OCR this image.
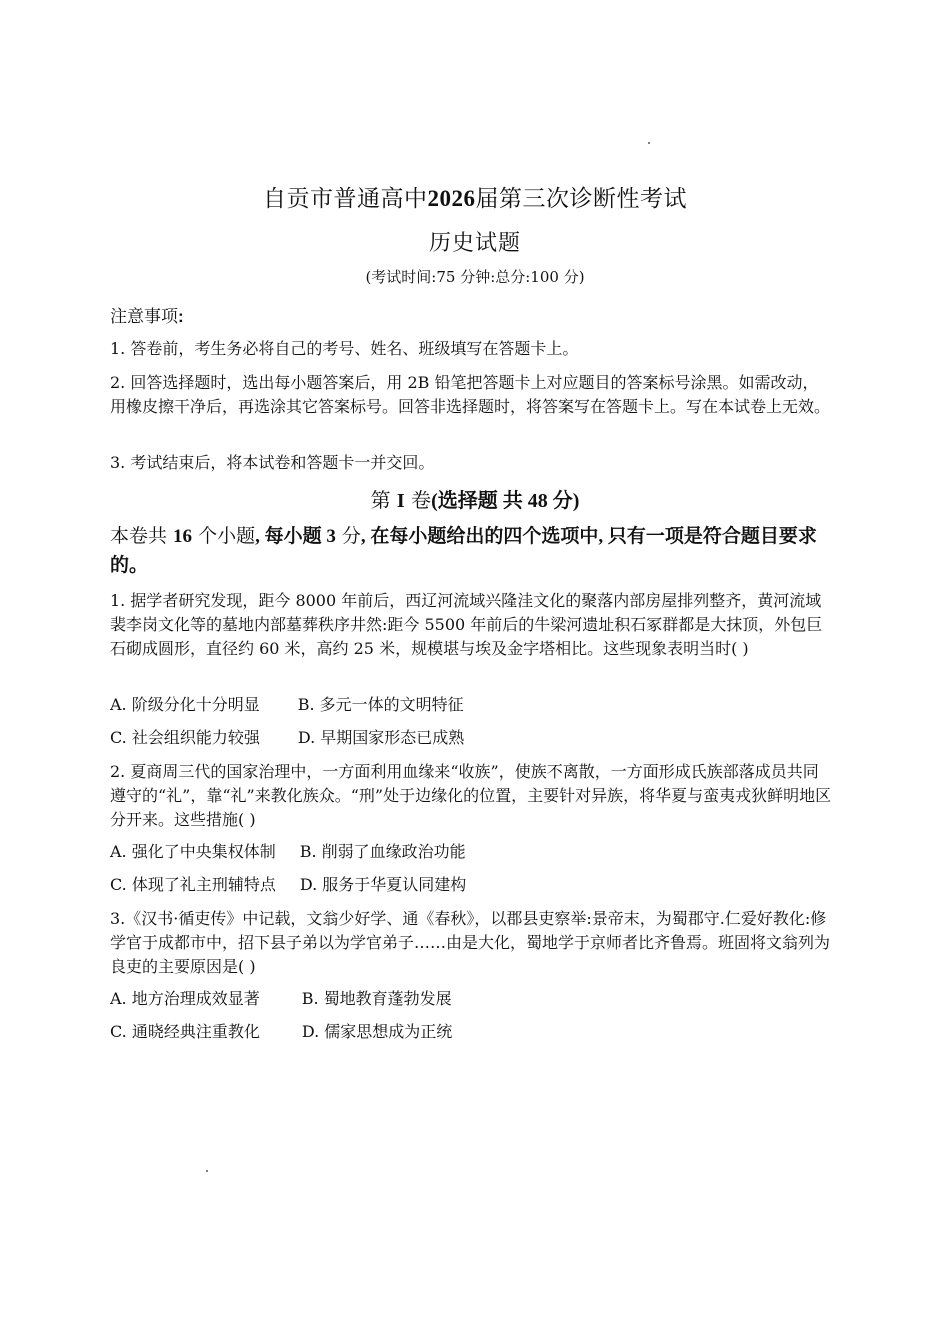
自贡市普通高中2026届第三次诊断性考试
历史试题
(考试时间:75 分钟:总分:100 分)
注意事项:
1. 答卷前，考生务必将自己的考号、姓名、班级填写在答题卡上。
2. 回答选择题时，选出每小题答案后，用 2B 铅笔把答题卡上对应题目的答案标号涂黑。如需改动，用橡皮擦干净后，再选涂其它答案标号。回答非选择题时，将答案写在答题卡上。写在本试卷上无效。
3. 考试结束后，将本试卷和答题卡一并交回。
第 I 卷(选择题 共 48 分)
本卷共 16 个小题, 每小题 3 分, 在每小题给出的四个选项中, 只有一项是符合题目要求的。
1. 据学者研究发现，距今 8000 年前后，西辽河流域兴隆洼文化的聚落内部房屋排列整齐，黄河流域裴李岗文化等的墓地内部墓葬秩序井然:距今 5500 年前后的牛梁河遗址积石冢群都是大抹顶，外包巨石砌成圆形，直径约 60 米，高约 25 米，规模堪与埃及金字塔相比。这些现象表明当时( )
A. 阶级分化十分明显 B. 多元一体的文明特征
C. 社会组织能力较强 D. 早期国家形态已成熟
2. 夏商周三代的国家治理中，一方面利用血缘来“收族”，使族不离散，一方面形成氏族部落成员共同遵守的“礼”，靠“礼”来教化族众。“刑”处于边缘化的位置，主要针对异族，将华夏与蛮夷戎狄鲜明地区分开来。这些措施( )
A. 强化了中央集权体制 B. 削弱了血缘政治功能
C. 体现了礼主刑辅特点 D. 服务于华夏认同建构
3.《汉书·循吏传》中记载，文翁少好学、通《春秋》，以郡县吏察举:景帝末，为蜀郡守.仁爱好教化:修学官于成都市中，招下县子弟以为学官弟子……由是大化，蜀地学于京师者比齐鲁焉。班固将文翁列为良吏的主要原因是( )
A. 地方治理成效显著	B. 蜀地教育蓬勃发展
C. 通晓经典注重教化	D. 儒家思想成为正统
